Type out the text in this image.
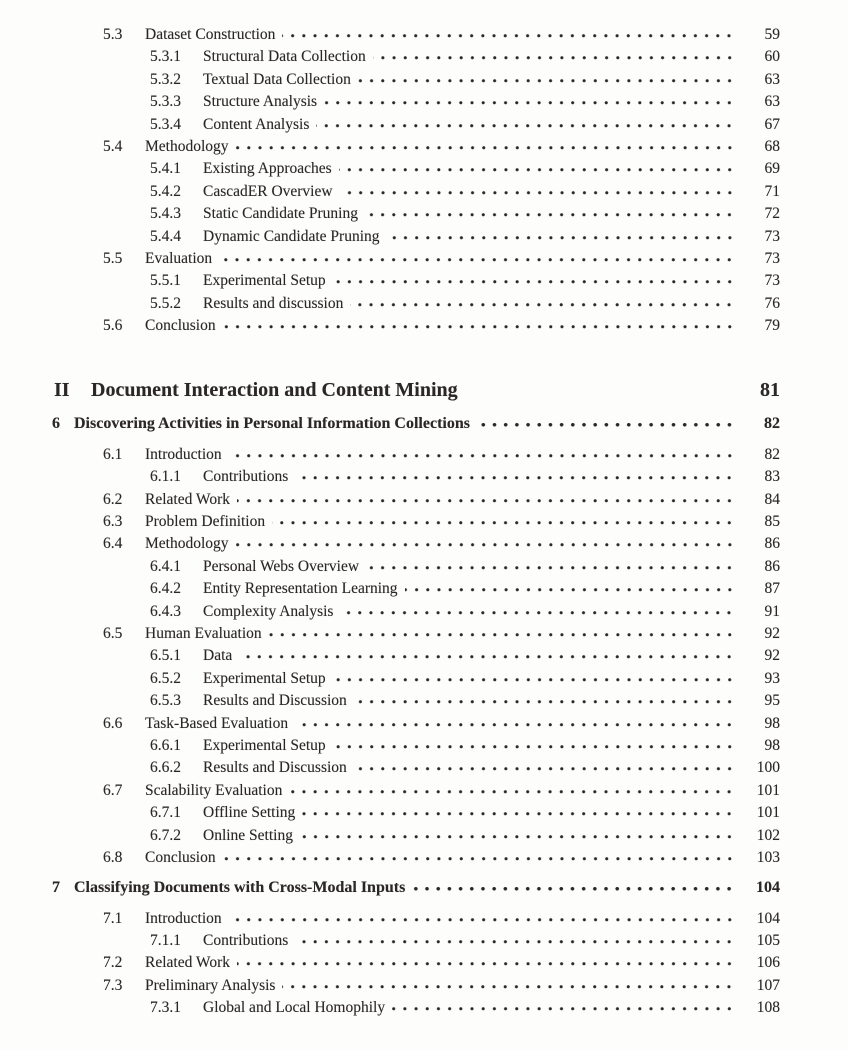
5.3	Dataset Construction	59
5.3.1	Structural Data Collection	60
5.3.2	Textual Data Collection	63
5.3.3	Structure Analysis	63
5.3.4	Content Analysis	67
5.4	Methodology	68
5.4.1	Existing Approaches	69
5.4.2	CascadER Overview	71
5.4.3	Static Candidate Pruning	72
5.4.4	Dynamic Candidate Pruning	73
5.5	Evaluation	73
5.5.1	Experimental Setup	73
5.5.2	Results and discussion	76
5.6	Conclusion	79
II	Document Interaction and Content Mining	81
6 Discovering Activities in Personal Information Collections	82
6.1	Introduction	82
6.1.1	Contributions	83
6.2	Related Work	84
6.3	Problem Definition	85
6.4	Methodology	86
6.4.1	Personal Webs Overview	86
6.4.2	Entity Representation Learning	87
6.4.3	Complexity Analysis	91
6.5	Human Evaluation	92
6.5.1	Data	92
6.5.2	Experimental Setup	93
6.5.3	Results and Discussion	95
6.6	Task-Based Evaluation	98
6.6.1	Experimental Setup	98
6.6.2	Results and Discussion	100
6.7	Scalability Evaluation	101
6.7.1	Offline Setting	101
6.7.2	Online Setting	102
6.8	Conclusion	103
7 Classifying Documents with Cross-Modal Inputs	104
7.1	Introduction	104
7.1.1	Contributions	105
7.2	Related Work	106
7.3	Preliminary Analysis	107
7.3.1	Global and Local Homophily	108
